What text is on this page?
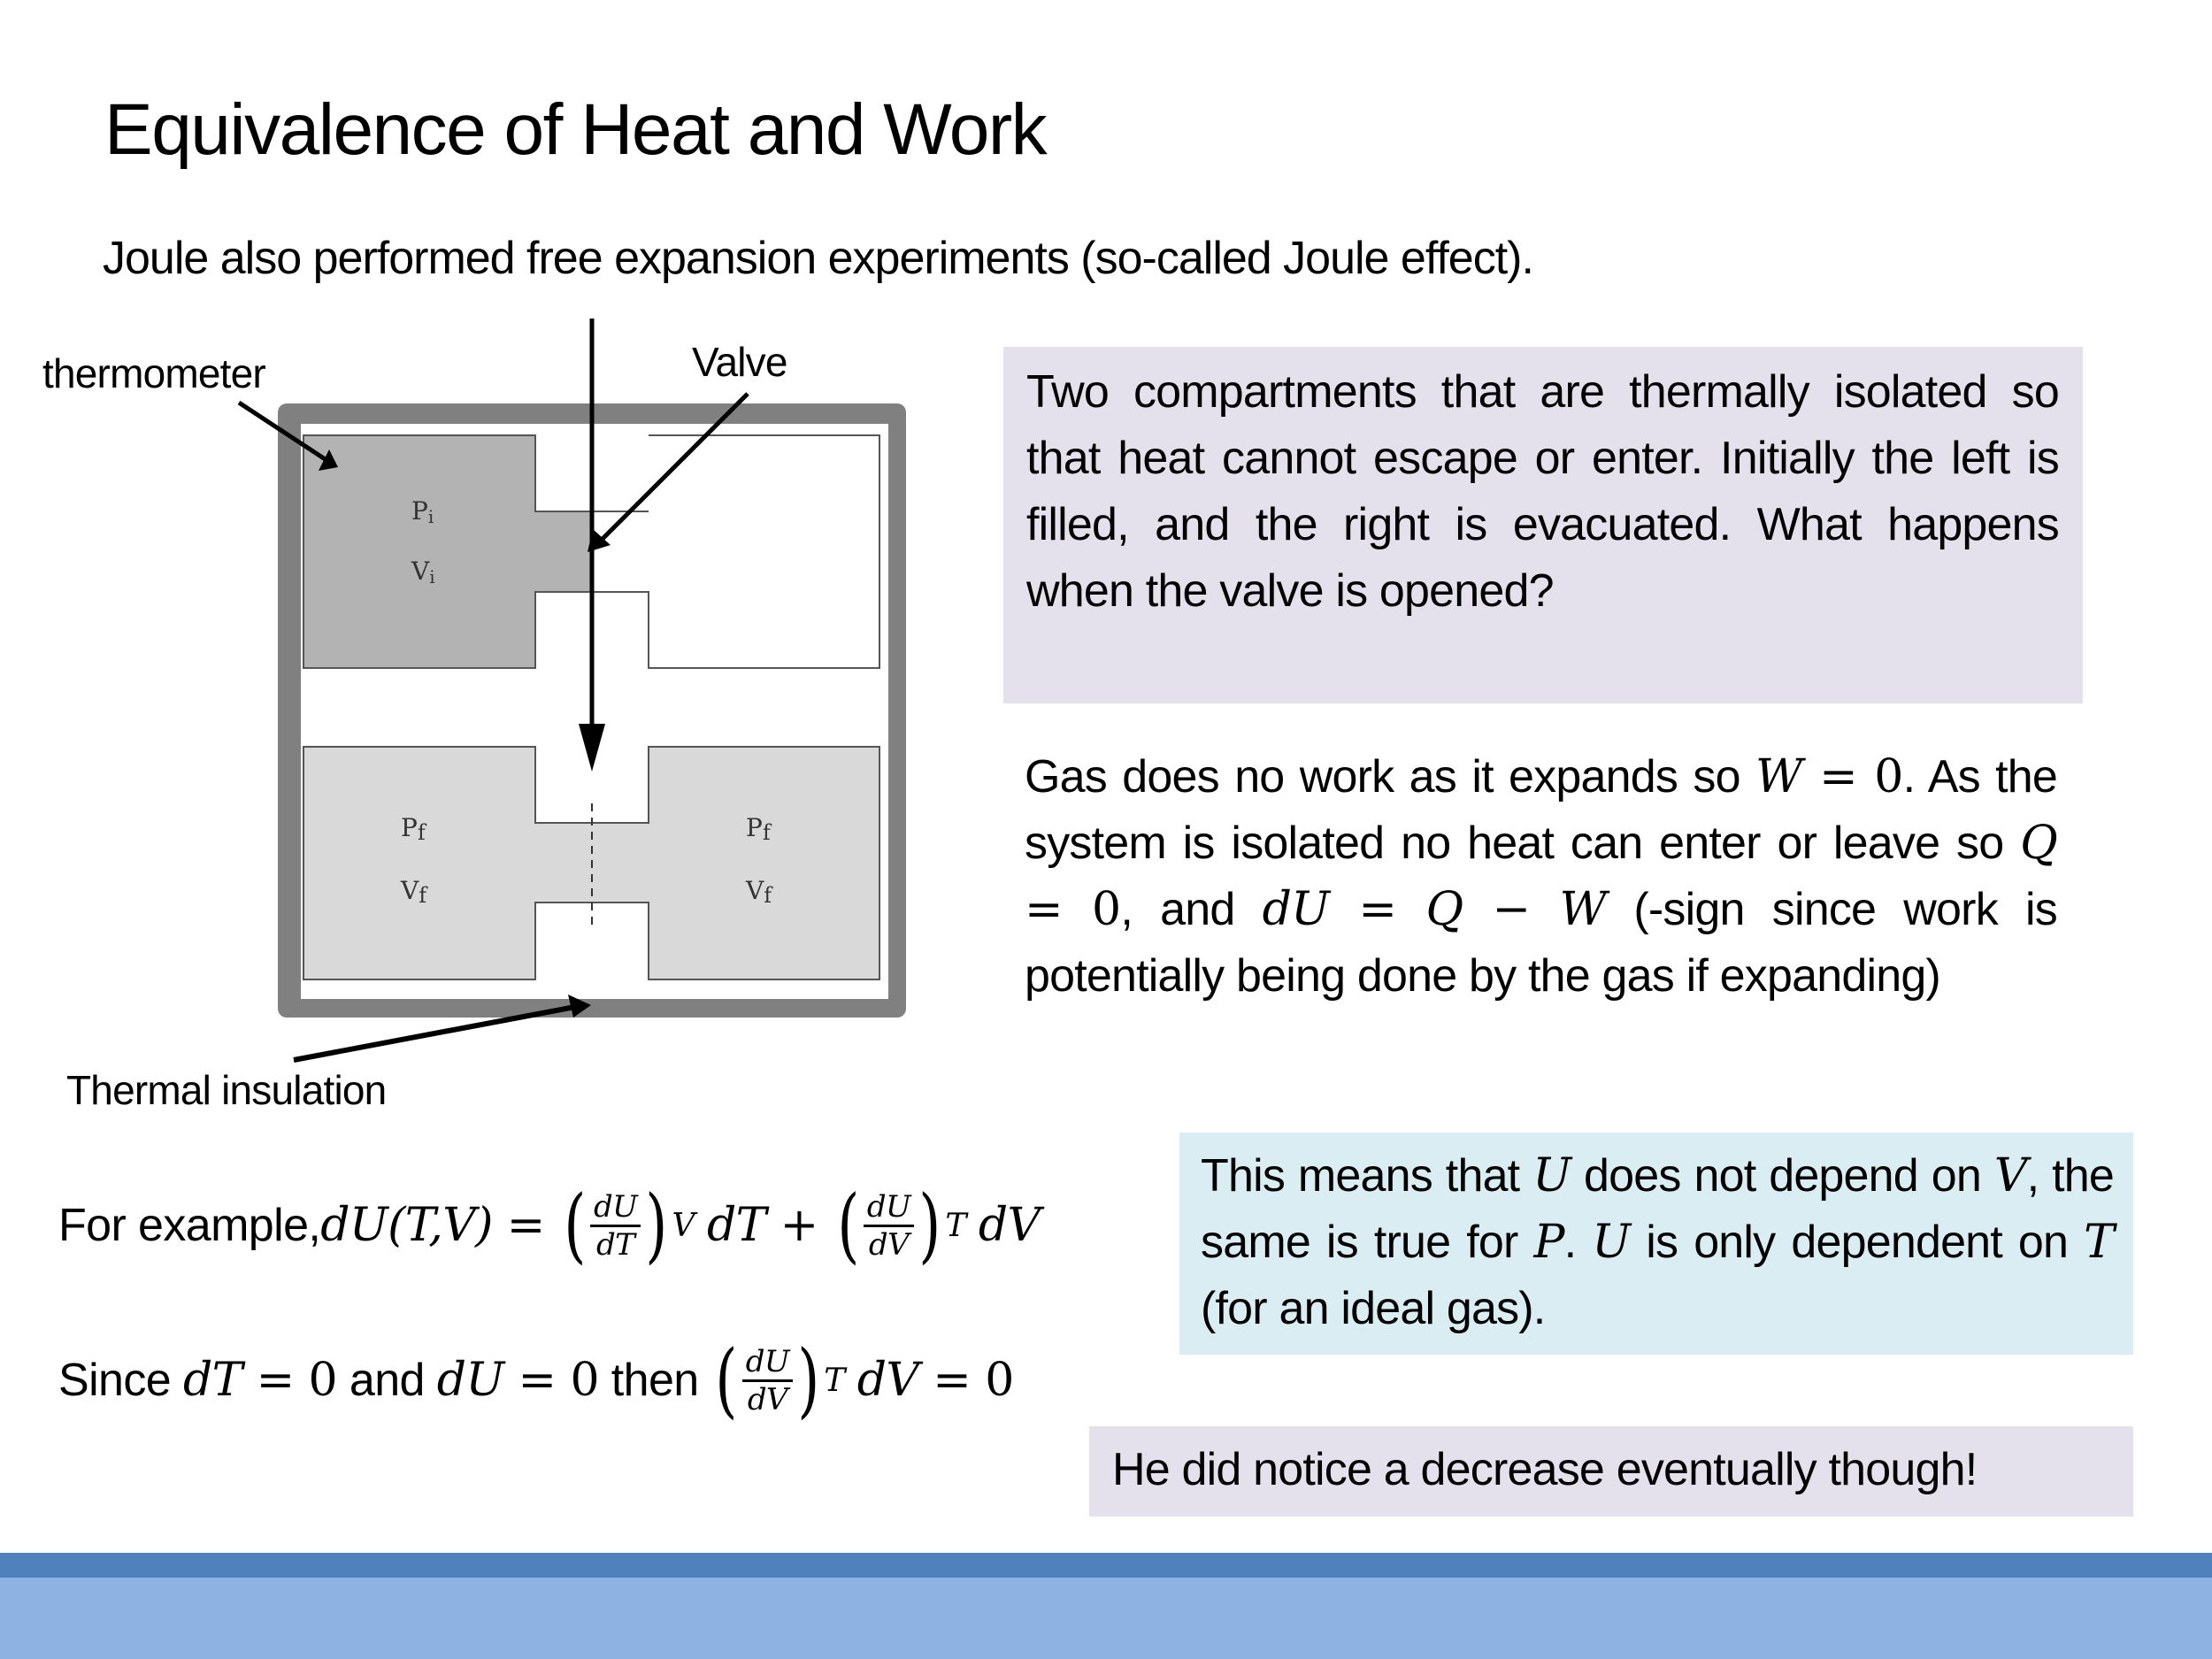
Equivalence of Heat and Work
Joule also performed free expansion experiments (so-called Joule effect).
thermometer	Valve
Thermal insulation
Pi
Vi
Pf
Vf
Pf
Vf
Two compartments that are thermally isolated so that heat cannot escape or enter. Initially the left is filled, and the right is evacuated. What happens when the valve is opened?
Gas does no work as it expands so W = 0. As the system is isolated no heat can enter or leave so Q = 0, and dU = Q − W (-sign since work is potentially being done by the gas if expanding)
This means that U does not depend on V, the same is true for P. U is only dependent on T (for an ideal gas).
He did notice a decrease eventually though!
For example, dU(T,V) = ( $\frac{dU}{dT}$ ) V dT + ( $\frac{dU}{dV}$ ) T dV
Since dT = 0 and dU = 0 then ( $\frac{dU}{dV}$ ) T dV = 0
